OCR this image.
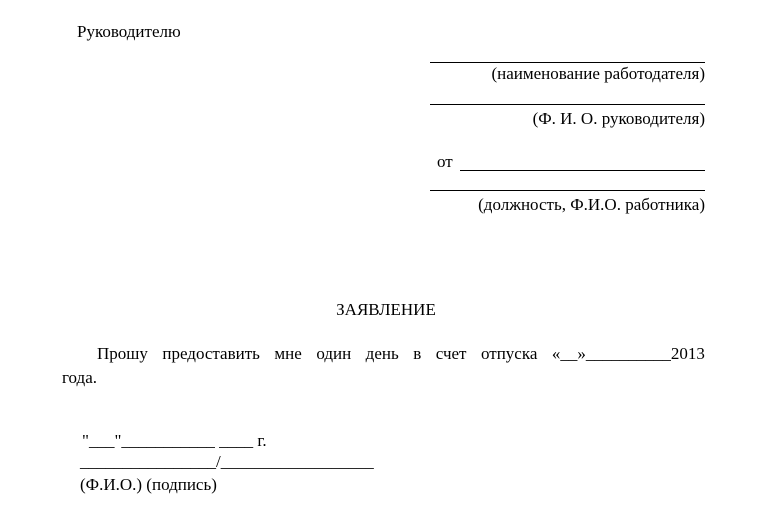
Руководителю
(наименование работодателя)
(Ф. И. О. руководителя)
от
(должность, Ф.И.О. работника)
ЗАЯВЛЕНИЕ
Прошу предоставить мне один день в счет отпуска «__»__________2013
года.
"___"___________ ____ г.
________________/__________________
(Ф.И.О.) (подпись)
